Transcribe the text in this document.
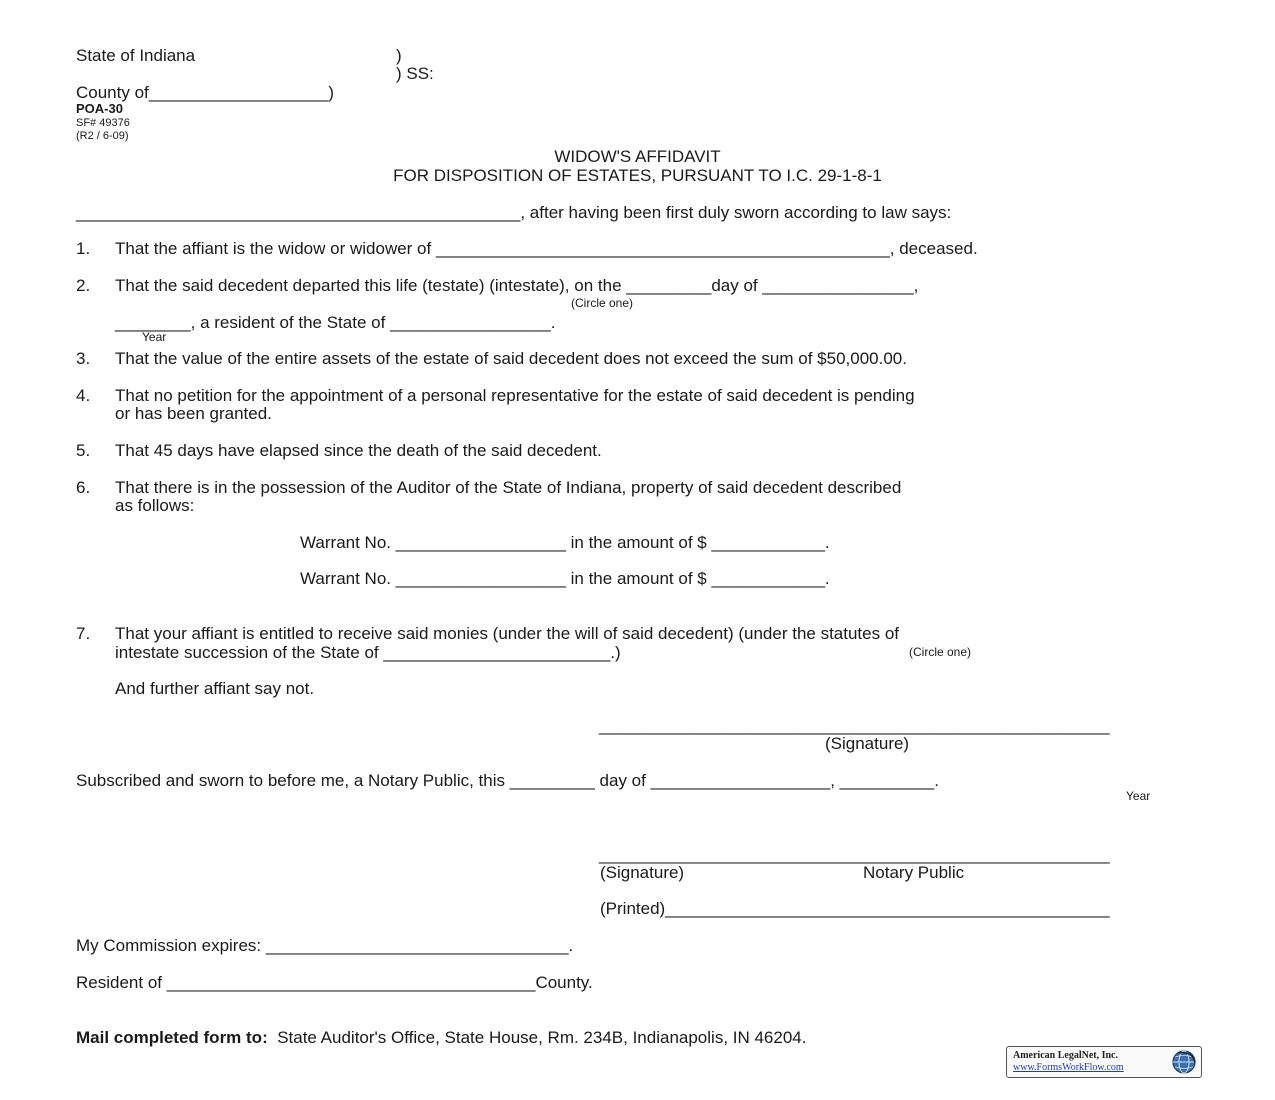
State of Indiana	)
) SS:
County of___________________)
POA-30
SF# 49376
(R2 / 6-09)
WIDOW'S AFFIDAVIT
FOR DISPOSITION OF ESTATES, PURSUANT TO I.C. 29-1-8-1
_______________________________________________, after having been first duly sworn according to law says:
1. That the affiant is the widow or widower of ________________________________________________, deceased.
2. That the said decedent departed this life (testate) (intestate), on the _________day of ________________,
(Circle one)
________, a resident of the State of _________________.
Year
3. That the value of the entire assets of the estate of said decedent does not exceed the sum of $50,000.00.
4. That no petition for the appointment of a personal representative for the estate of said decedent is pending
or has been granted.
5. That 45 days have elapsed since the death of the said decedent.
6. That there is in the possession of the Auditor of the State of Indiana, property of said decedent described
as follows:
Warrant No. __________________ in the amount of $ ____________.
Warrant No. __________________ in the amount of $ ____________.
7. That your affiant is entitled to receive said monies (under the will of said decedent) (under the statutes of
intestate succession of the State of ________________________.)	(Circle one)
And further affiant say not.
______________________________________________________
(Signature)
Subscribed and sworn to before me, a Notary Public, this _________ day of ___________________, __________.
Year
______________________________________________________
(Signature)	Notary Public
(Printed)_______________________________________________
My Commission expires: ________________________________.
Resident of _______________________________________County.
Mail completed form to: State Auditor's Office, State House, Rm. 234B, Indianapolis, IN 46204.
American LegalNet, Inc.
www.FormsWorkFlow.com
